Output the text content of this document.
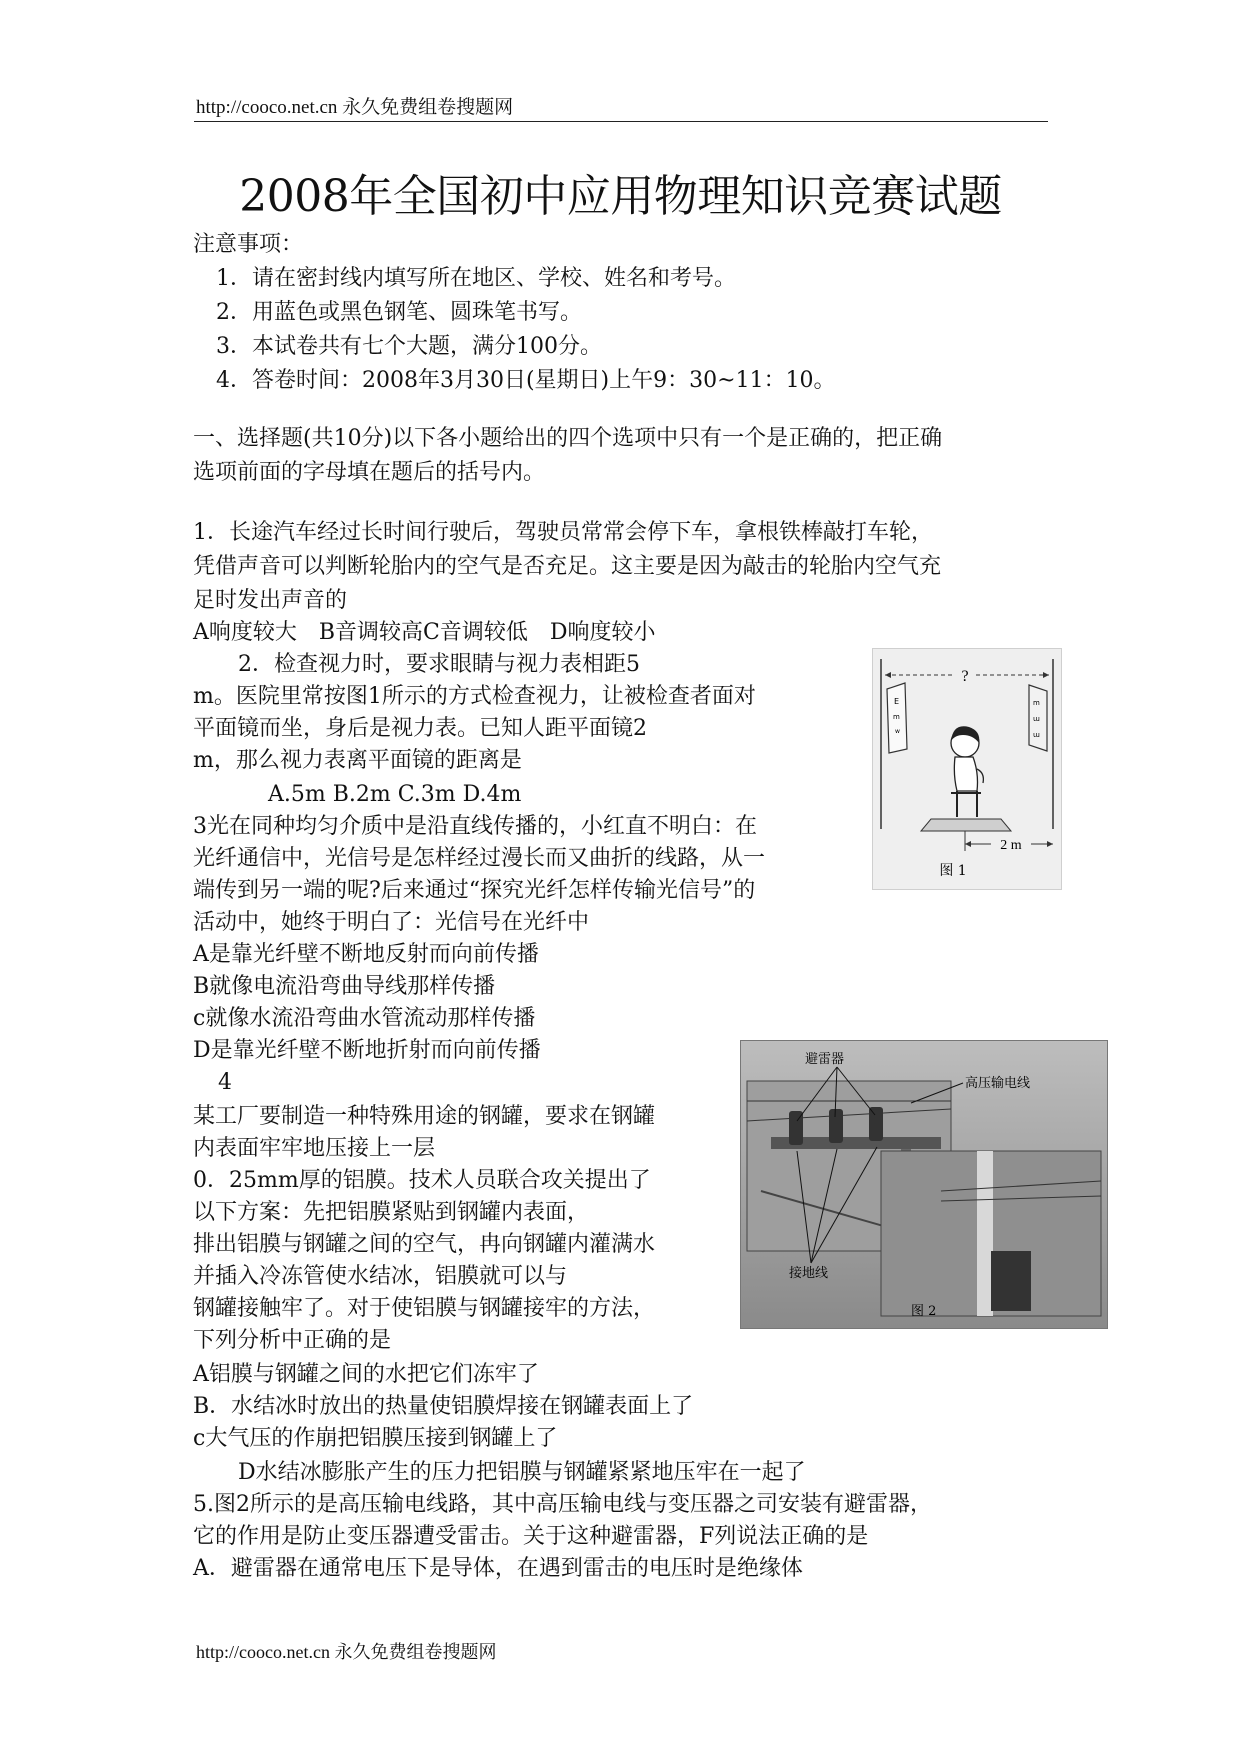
http://cooco.net.cn 永久免费组卷搜题网
2008年全国初中应用物理知识竞赛试题
注意事项：
1．请在密封线内填写所在地区、学校、姓名和考号。
2．用蓝色或黑色钢笔、圆珠笔书写。
3．本试卷共有七个大题，满分100分。
4．答卷时间：2008年3月30日(星期日)上午9：30~11：10。
一、选择题(共10分)以下各小题给出的四个选项中只有一个是正确的，把正确
选项前面的字母填在题后的括号内。
1．长途汽车经过长时间行驶后，驾驶员常常会停下车，拿根铁棒敲打车轮，
凭借声音可以判断轮胎内的空气是否充足。这主要是因为敲击的轮胎内空气充
足时发出声音的
A响度较大　B音调较高C音调较低　D响度较小
2．检查视力时，要求眼睛与视力表相距5
m。医院里常按图1所示的方式检查视力，让被检查者面对
平面镜而坐，身后是视力表。已知人距平面镜2
m，那么视力表离平面镜的距离是
A.5m B.2m C.3m D.4m
3光在同种均匀介质中是沿直线传播的，小红直不明白：在
光纤通信中，光信号是怎样经过漫长而又曲折的线路，从一
端传到另一端的呢?后来通过“探究光纤怎样传输光信号”的
活动中，她终于明白了：光信号在光纤中
A是靠光纤壁不断地反射而向前传播
B就像电流沿弯曲导线那样传播
c就像水流沿弯曲水管流动那样传播
D是靠光纤壁不断地折射而向前传播
4
某工厂要制造一种特殊用途的钢罐，要求在钢罐
内表面牢牢地压接上一层
0．25mm厚的铝膜。技术人员联合攻关提出了
以下方案：先把铝膜紧贴到钢罐内表面，
排出铝膜与钢罐之间的空气，冉向钢罐内灌满水
并插入冷冻管使水结冰，铝膜就可以与
钢罐接触牢了。对于使铝膜与钢罐接牢的方法，
下列分析中正确的是
A铝膜与钢罐之间的水把它们冻牢了
B．水结冰时放出的热量使铝膜焊接在钢罐表面上了
c大气压的作崩把铝膜压接到钢罐上了
D水结冰膨胀产生的压力把铝膜与钢罐紧紧地压牢在一起了
5.图2所示的是高压输电线路，其中高压输电线与变压器之司安装有避雷器，
它的作用是防止变压器遭受雷击。关于这种避雷器，F列说法正确的是
A．避雷器在通常电压下是导体，在遇到雷击的电压时是绝缘体
?
E
m
w
m
ɯ
ɯ
2 m
图 1
避雷器
高压输电线
接地线
图 2
http://cooco.net.cn 永久免费组卷搜题网
